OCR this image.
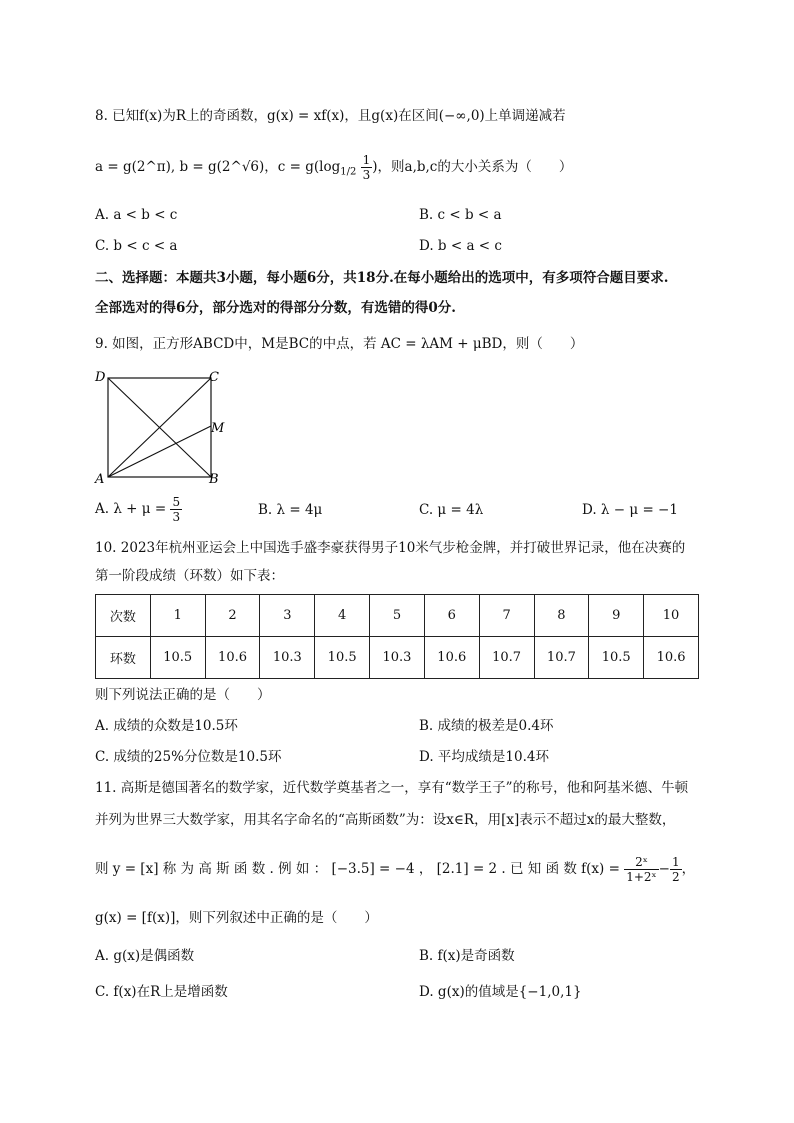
8. 已知f(x)为R上的奇函数，g(x) = xf(x)，且g(x)在区间(−∞,0)上单调递减若
a = g(2^π), b = g(2^√6)，$c = g(\log_{1/2} \frac{1}{3}$ )，则a,b,c的大小关系为（　　）
A. a < b < c	B. c < b < a
C. b < c < a	D. b < a < c
二、选择题：本题共3小题，每小题6分，共18分.在每小题给出的选项中，有多项符合题目要求.
全部选对的得6分，部分选对的得部分分数，有选错的得0分.
9. 如图，正方形ABCD中，M是BC的中点，若 AC = λAM + μBD，则（　　）
D	C
M
A	B
A. $\lambda + \mu = \frac{5}{3}$	B. λ = 4μ	C. μ = 4λ	D. λ − μ = −1
10. 2023年杭州亚运会上中国选手盛李豪获得男子10米气步枪金牌，并打破世界记录，他在决赛的
第一阶段成绩（环数）如下表：
次数	1	2	3	4	5	6	7	8	9	10
环数	10.5	10.6	10.3	10.5	10.3	10.6	10.7	10.7	10.5	10.6
则下列说法正确的是（　　）
A. 成绩的众数是10.5环	B. 成绩的极差是0.4环
C. 成绩的25%分位数是10.5环	D. 平均成绩是10.4环
11. 高斯是德国著名的数学家，近代数学奠基者之一，享有“数学王子”的称号，他和阿基米德、牛顿
并列为世界三大数学家，用其名字命名的“高斯函数”为：设x∈R，用[x]表示不超过x的最大整数，
则 y = [x] 称 为 高 斯 函 数 . 例 如 ： [−3.5] = −4 ， [2.1] = 2 . 已 知 函 数 $f(x) = \frac{\text{2ˣ}}{\text{1+2ˣ}} - \frac{1}{2}$ ，
g(x) = [f(x)]，则下列叙述中正确的是（　　）
A. g(x)是偶函数	B. f(x)是奇函数
C. f(x)在R上是增函数	D. g(x)的值域是{−1,0,1}
